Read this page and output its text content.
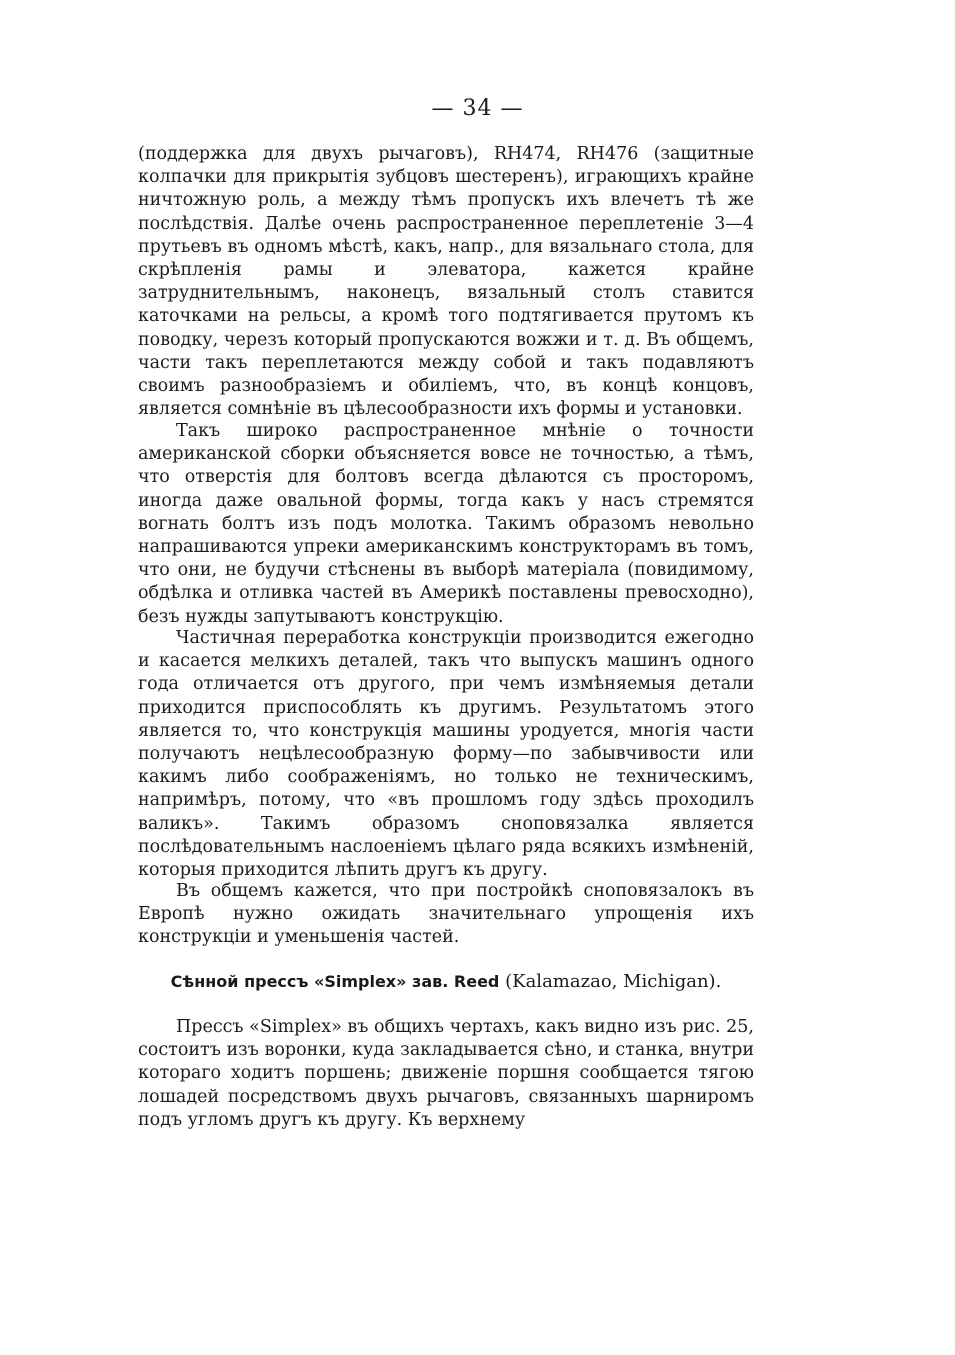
— 34 —

(поддержка для двухъ рычаговъ), RH474, RH476 (защитные колпачки для прикрытія зубцовъ шестеренъ), играющихъ крайне ничтожную роль, а между тѣмъ пропускъ ихъ влечетъ тѣ же послѣдствія. Далѣе очень распространенное переплетеніе 3—4 прутьевъ въ одномъ мѣстѣ, какъ, напр., для вязальнаго стола, для скрѣпленія рамы и элеватора, кажется крайне затруднительнымъ, наконецъ, вязальный столъ ставится каточками на рельсы, а кромѣ того подтягивается прутомъ къ поводку, черезъ который пропускаются вожжи и т. д. Въ общемъ, части такъ переплетаются между собой и такъ подавляютъ своимъ разнообразіемъ и обиліемъ, что, въ концѣ концовъ, является сомнѣніе въ цѣлесообразности ихъ формы и установки.

Такъ широко распространенное мнѣніе о точности американской сборки объясняется вовсе не точностью, а тѣмъ, что отверстія для болтовъ всегда дѣлаются съ просторомъ, иногда даже овальной формы, тогда какъ у насъ стремятся вогнать болтъ изъ подъ молотка. Такимъ образомъ невольно напрашиваются упреки американскимъ конструкторамъ въ томъ, что они, не будучи стѣснены въ выборѣ матеріала (повидимому, обдѣлка и отливка частей въ Америкѣ поставлены превосходно), безъ нужды запутываютъ конструкцію.

Частичная переработка конструкціи производится ежегодно и касается мелкихъ деталей, такъ что выпускъ машинъ одного года отличается отъ другого, при чемъ измѣняемыя детали приходится приспособлять къ другимъ. Результатомъ этого является то, что конструкція машины уродуется, многія части получаютъ нецѣлесообразную форму—по забывчивости или какимъ либо соображеніямъ, но только не техническимъ, напримѣръ, потому, что «въ прошломъ году здѣсь проходилъ валикъ». Такимъ образомъ сноповязалка является послѣдовательнымъ наслоеніемъ цѣлаго ряда всякихъ измѣненій, которыя приходится лѣпить другъ къ другу.

Въ общемъ кажется, что при постройкѣ сноповязалокъ въ Европѣ нужно ожидать значительнаго упрощенія ихъ конструкціи и уменьшенія частей.

Сѣнной прессъ «Simplex» зав. Reed (Kalamazao, Michigan).

Прессъ «Simplex» въ общихъ чертахъ, какъ видно изъ рис. 25, состоитъ изъ воронки, куда закладывается сѣно, и станка, внутри котораго ходитъ поршень; движеніе поршня сообщается тягою лошадей посредствомъ двухъ рычаговъ, связанныхъ шарниромъ подъ угломъ другъ къ другу. Къ верхнему
